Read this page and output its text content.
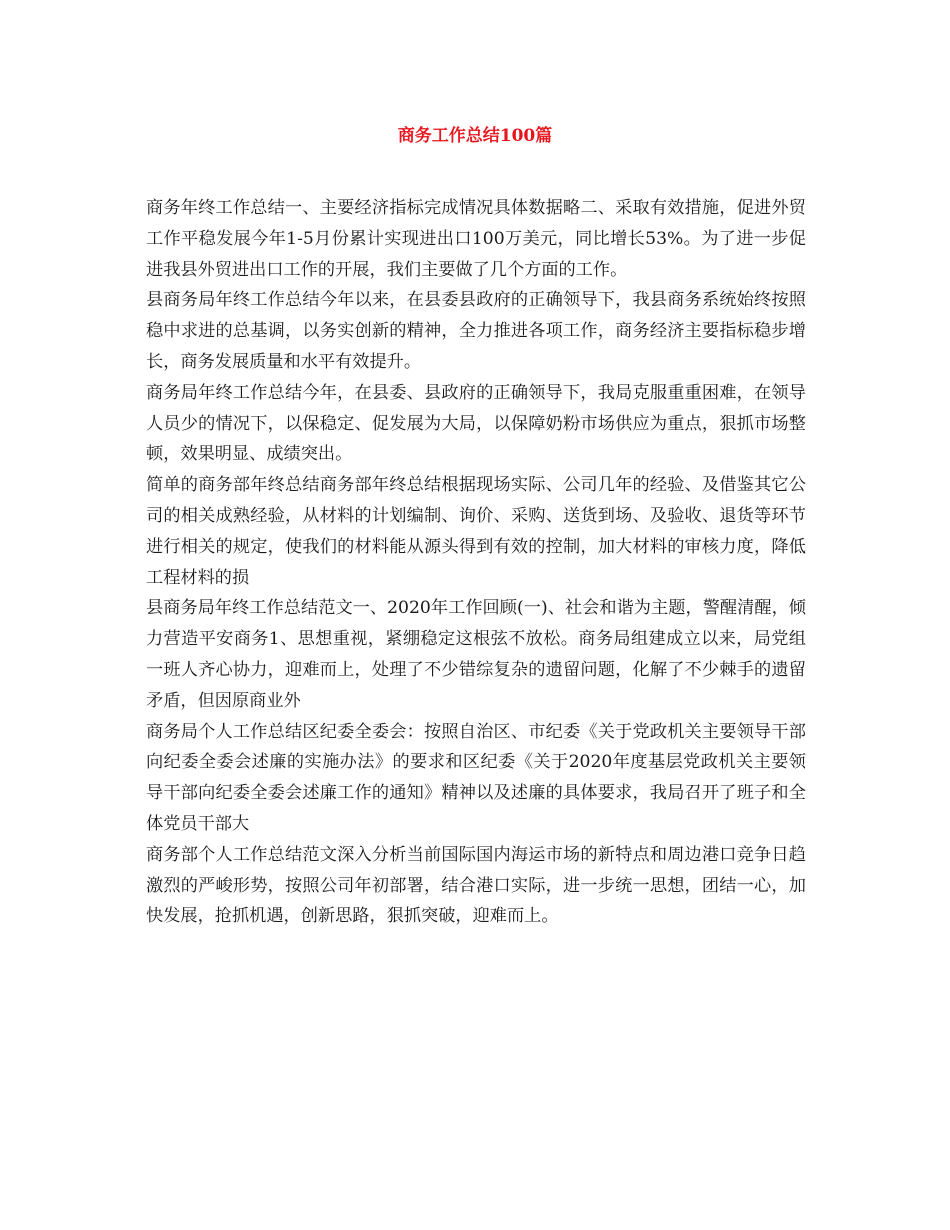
商务工作总结100篇

商务年终工作总结一、主要经济指标完成情况具体数据略二、采取有效措施，促进外贸工作平稳发展今年1-5月份累计实现进出口100万美元，同比增长53%。为了进一步促进我县外贸进出口工作的开展，我们主要做了几个方面的工作。

县商务局年终工作总结今年以来，在县委县政府的正确领导下，我县商务系统始终按照稳中求进的总基调，以务实创新的精神，全力推进各项工作，商务经济主要指标稳步增长，商务发展质量和水平有效提升。

商务局年终工作总结今年，在县委、县政府的正确领导下，我局克服重重困难，在领导人员少的情况下，以保稳定、促发展为大局，以保障奶粉市场供应为重点，狠抓市场整顿，效果明显、成绩突出。

简单的商务部年终总结商务部年终总结根据现场实际、公司几年的经验、及借鉴其它公司的相关成熟经验，从材料的计划编制、询价、采购、送货到场、及验收、退货等环节进行相关的规定，使我们的材料能从源头得到有效的控制，加大材料的审核力度，降低工程材料的损

县商务局年终工作总结范文一、2020年工作回顾(一)、社会和谐为主题，警醒清醒，倾力营造平安商务1、思想重视，紧绷稳定这根弦不放松。商务局组建成立以来，局党组一班人齐心协力，迎难而上，处理了不少错综复杂的遗留问题，化解了不少棘手的遗留矛盾，但因原商业外

商务局个人工作总结区纪委全委会：按照自治区、市纪委《关于党政机关主要领导干部向纪委全委会述廉的实施办法》的要求和区纪委《关于2020年度基层党政机关主要领导干部向纪委全委会述廉工作的通知》精神以及述廉的具体要求，我局召开了班子和全体党员干部大

商务部个人工作总结范文深入分析当前国际国内海运市场的新特点和周边港口竞争日趋激烈的严峻形势，按照公司年初部署，结合港口实际，进一步统一思想，团结一心，加快发展，抢抓机遇，创新思路，狠抓突破，迎难而上。
